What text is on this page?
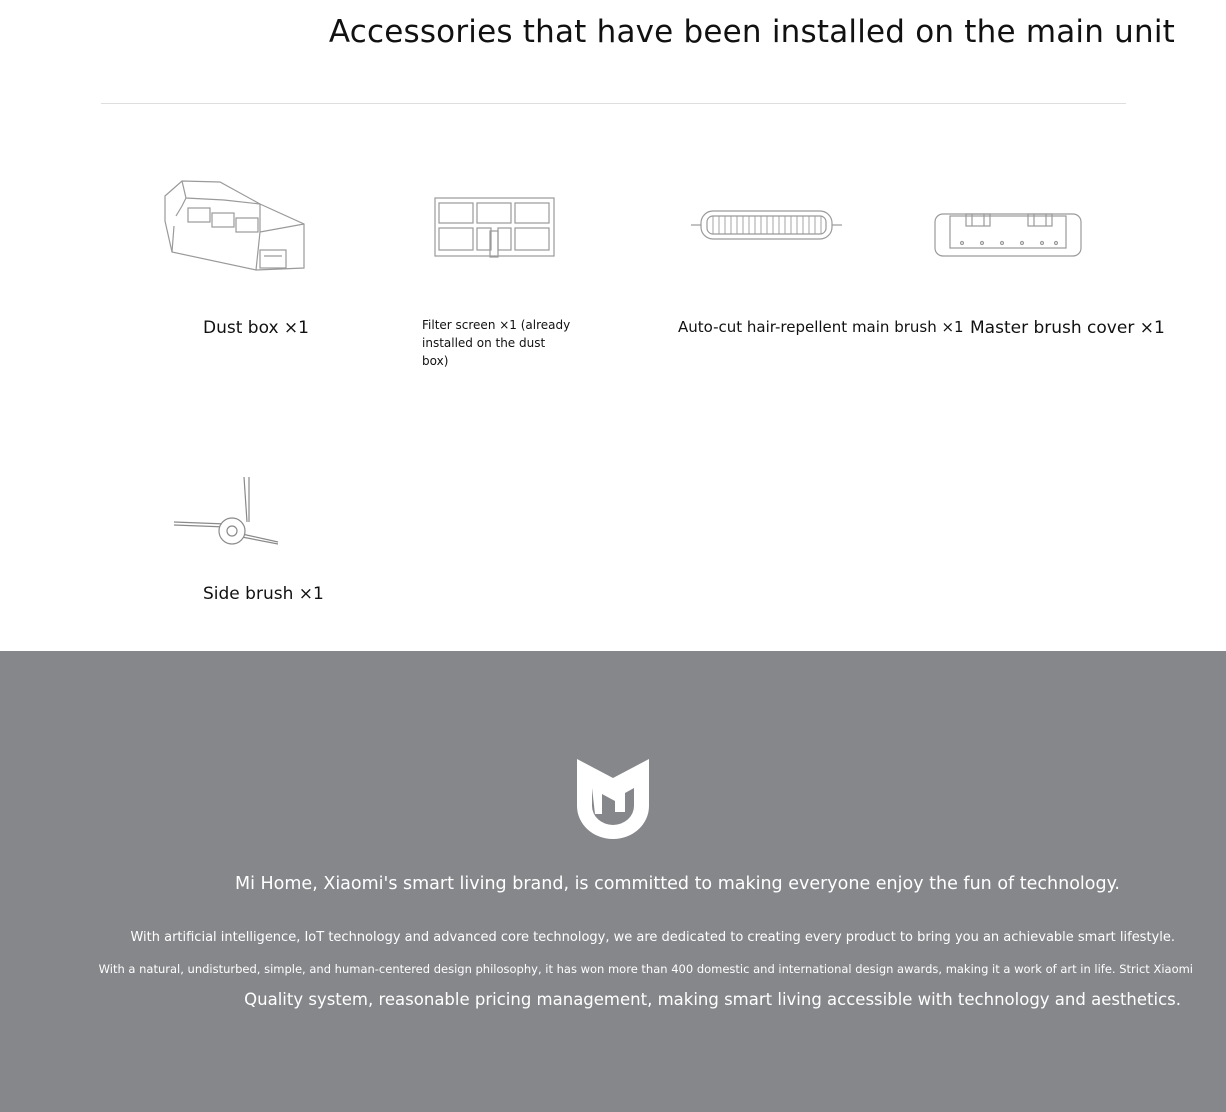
Accessories that have been installed on the main unit
Dust box ×1	Filter screen ×1 (already installed on the dust box)
Auto-cut hair-repellent main brush ×1 Master brush cover ×1
Side brush ×1

Mi Home, Xiaomi's smart living brand, is committed to making everyone enjoy the fun of technology.

With artificial intelligence, IoT technology and advanced core technology, we are dedicated to creating every product to bring you an achievable smart lifestyle.

With a natural, undisturbed, simple, and human-centered design philosophy, it has won more than 400 domestic and international design awards, making it a work of art in life. Strict Xiaomi

Quality system, reasonable pricing management, making smart living accessible with technology and aesthetics.
